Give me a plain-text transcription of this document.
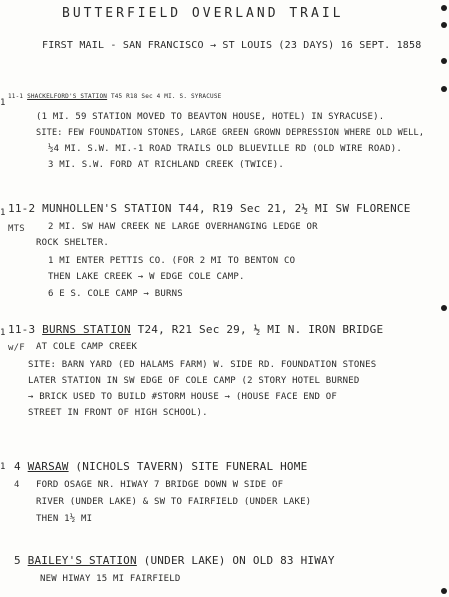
BUTTERFIELD OVERLAND TRAIL
FIRST MAIL - SAN FRANCISCO → ST LOUIS (23 DAYS) 16 SEPT. 1858
1
11-1 SHACKELFORD'S STATION T45 R18 Sec 4 MI. S. SYRACUSE
(1 MI. 59 STATION MOVED TO BEAVTON HOUSE, HOTEL) IN SYRACUSE).
SITE: FEW FOUNDATION STONES, LARGE GREEN GROWN DEPRESSION WHERE OLD WELL,
½4 MI. S.W. MI.-1 ROAD TRAILS OLD BLUEVILLE RD (OLD WIRE ROAD).
3 MI. S.W. FORD AT RICHLAND CREEK (TWICE).
1 11-2 MUNHOLLEN'S STATION T44, R19 Sec 21, 2½ MI SW FLORENCE
MTS	2 MI. SW HAW CREEK NE LARGE OVERHANGING LEDGE OR
ROCK SHELTER.
1 MI ENTER PETTIS CO. (FOR 2 MI TO BENTON CO
THEN LAKE CREEK → W EDGE COLE CAMP.
6 E S. COLE CAMP → BURNS
1 11-3 BURNS STATION T24, R21 Sec 29, ½ MI N. IRON BRIDGE
w/F AT COLE CAMP CREEK
SITE: BARN YARD (ED HALAMS FARM) W. SIDE RD. FOUNDATION STONES
LATER STATION IN SW EDGE OF COLE CAMP (2 STORY HOTEL BURNED
→ BRICK USED TO BUILD #STORM HOUSE → (HOUSE FACE END OF
STREET IN FRONT OF HIGH SCHOOL).
1 4 WARSAW (NICHOLS TAVERN) SITE FUNERAL HOME
4 FORD OSAGE NR. HIWAY 7 BRIDGE DOWN W SIDE OF
RIVER (UNDER LAKE) & SW TO FAIRFIELD (UNDER LAKE)
THEN 1½ MI
5 BAILEY'S STATION (UNDER LAKE) ON OLD 83 HIWAY
NEW HIWAY 15 MI FAIRFIELD
